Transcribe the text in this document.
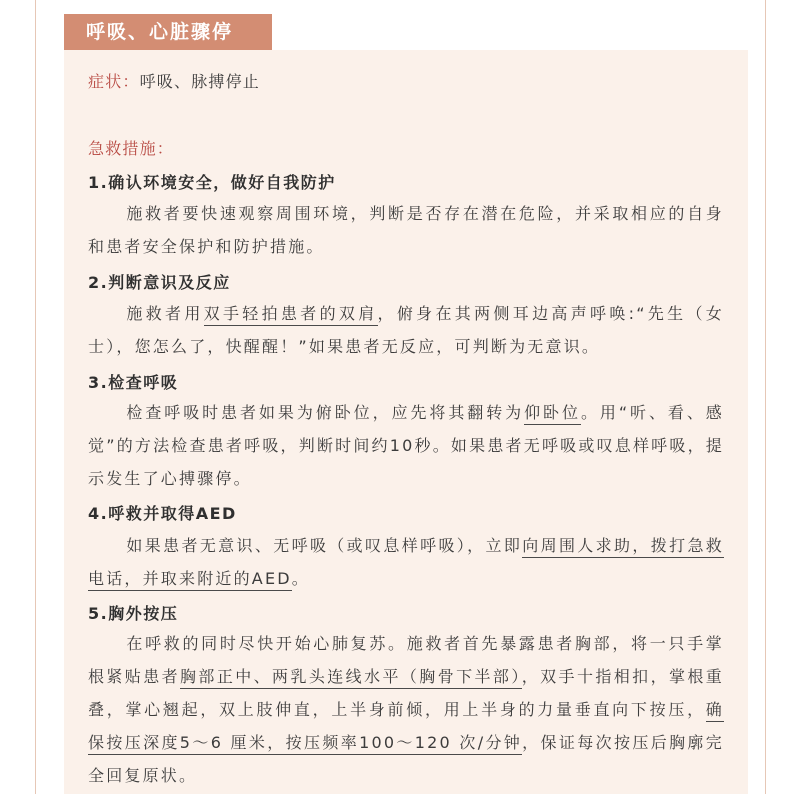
呼吸、心脏骤停
症状：呼吸、脉搏停止
急救措施：
1.确认环境安全，做好自我防护
施救者要快速观察周围环境，判断是否存在潜在危险，并采取相应的自身和患者安全保护和防护措施。
2.判断意识及反应
施救者用双手轻拍患者的双肩，俯身在其两侧耳边高声呼唤:“先生（女士），您怎么了，快醒醒！”如果患者无反应，可判断为无意识。
3.检查呼吸
检查呼吸时患者如果为俯卧位，应先将其翻转为仰卧位。用“听、看、感觉”的方法检查患者呼吸，判断时间约10秒。如果患者无呼吸或叹息样呼吸，提示发生了心搏骤停。
4.呼救并取得AED
如果患者无意识、无呼吸（或叹息样呼吸），立即向周围人求助，拨打急救电话，并取来附近的AED。
5.胸外按压
在呼救的同时尽快开始心肺复苏。施救者首先暴露患者胸部，将一只手掌根紧贴患者胸部正中、两乳头连线水平（胸骨下半部），双手十指相扣，掌根重叠，掌心翘起，双上肢伸直，上半身前倾，用上半身的力量垂直向下按压，确保按压深度5～6 厘米，按压频率100～120 次/分钟，保证每次按压后胸廓完全回复原状。
